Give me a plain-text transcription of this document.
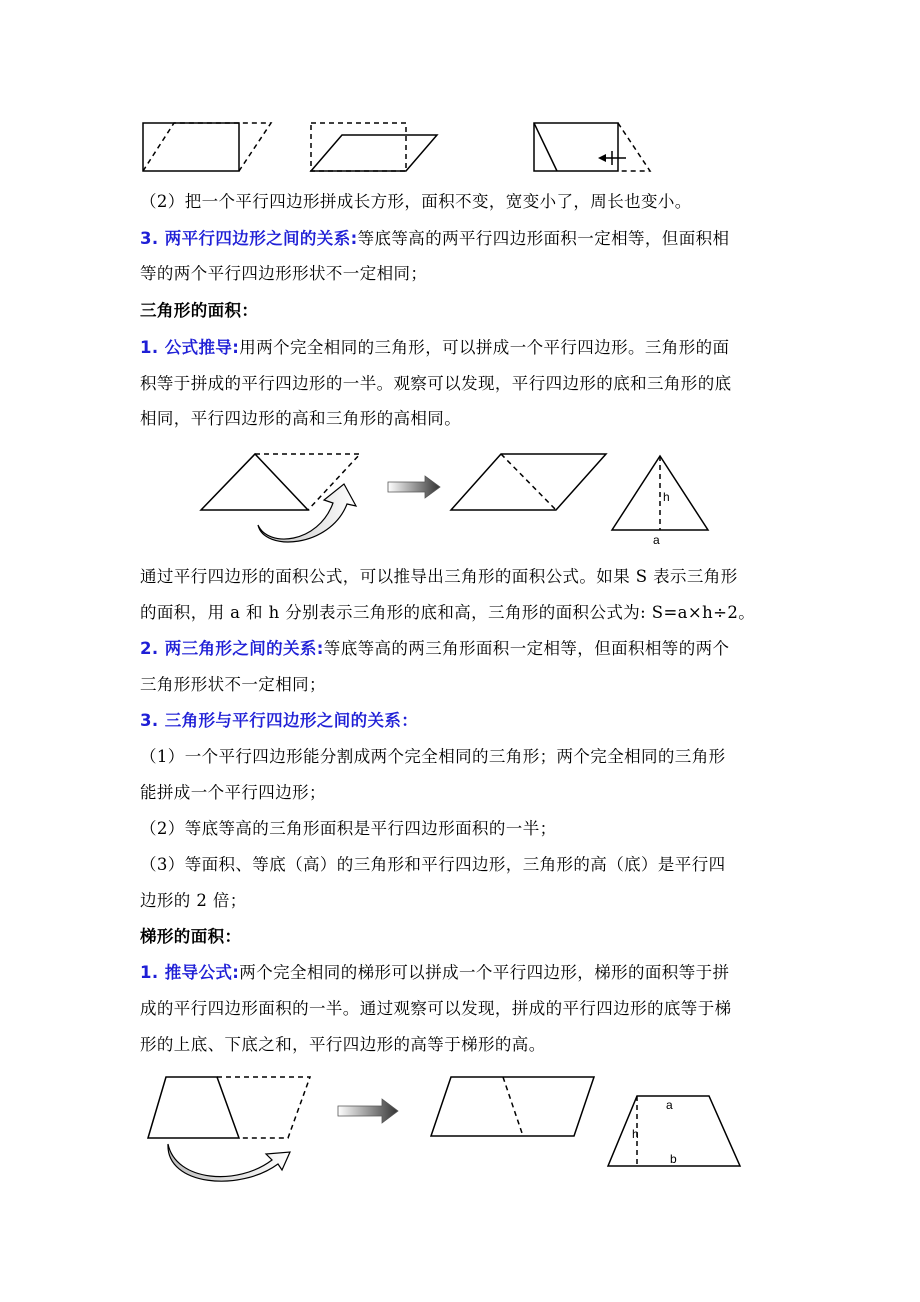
（2）把一个平行四边形拼成长方形，面积不变，宽变小了，周长也变小。

3. 两平行四边形之间的关系:等底等高的两平行四边形面积一定相等，但面积相

等的两个平行四边形形状不一定相同；

三角形的面积：

1. 公式推导:用两个完全相同的三角形，可以拼成一个平行四边形。三角形的面

积等于拼成的平行四边形的一半。观察可以发现，平行四边形的底和三角形的底

相同，平行四边形的高和三角形的高相同。

h
a

通过平行四边形的面积公式，可以推导出三角形的面积公式。如果 S 表示三角形

的面积，用 a 和 h 分别表示三角形的底和高，三角形的面积公式为: S=a×h÷2。

2. 两三角形之间的关系:等底等高的两三角形面积一定相等，但面积相等的两个

三角形形状不一定相同；

3. 三角形与平行四边形之间的关系：

（1）一个平行四边形能分割成两个完全相同的三角形；两个完全相同的三角形

能拼成一个平行四边形；

（2）等底等高的三角形面积是平行四边形面积的一半；

（3）等面积、等底（高）的三角形和平行四边形，三角形的高（底）是平行四

边形的 2 倍；

梯形的面积：

1. 推导公式:两个完全相同的梯形可以拼成一个平行四边形，梯形的面积等于拼

成的平行四边形面积的一半。通过观察可以发现，拼成的平行四边形的底等于梯

形的上底、下底之和，平行四边形的高等于梯形的高。

a
h
b
